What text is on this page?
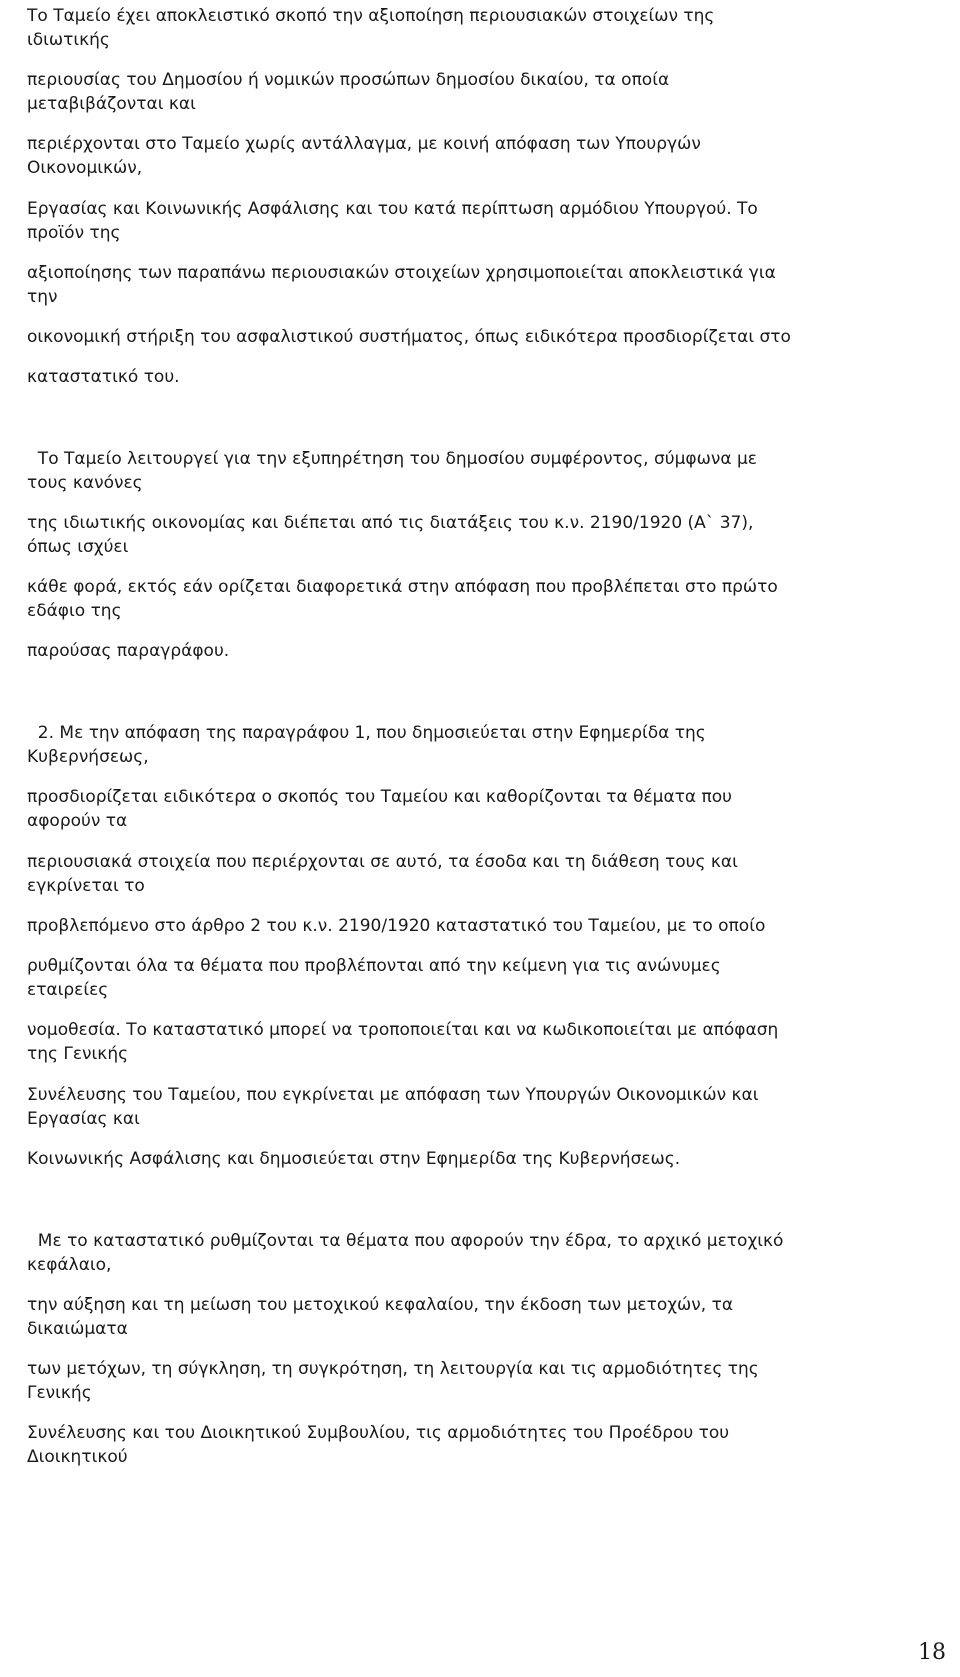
Το Ταμείο έχει αποκλειστικό σκοπό την αξιοποίηση περιουσιακών στοιχείων της
ιδιωτικής
περιουσίας του Δημοσίου ή νομικών προσώπων δημοσίου δικαίου, τα οποία
μεταβιβάζονται και
περιέρχονται στο Ταμείο χωρίς αντάλλαγμα, με κοινή απόφαση των Υπουργών
Οικονομικών,
Εργασίας και Κοινωνικής Ασφάλισης και του κατά περίπτωση αρμόδιου Υπουργού. Το
προϊόν της
αξιοποίησης των παραπάνω περιουσιακών στοιχείων χρησιμοποιείται αποκλειστικά για
την
οικονομική στήριξη του ασφαλιστικού συστήματος, όπως ειδικότερα προσδιορίζεται στο
καταστατικό του.
Το Ταμείο λειτουργεί για την εξυπηρέτηση του δημοσίου συμφέροντος, σύμφωνα με
τους κανόνες
της ιδιωτικής οικονομίας και διέπεται από τις διατάξεις του κ.ν. 2190/1920 (Α` 37),
όπως ισχύει
κάθε φορά, εκτός εάν ορίζεται διαφορετικά στην απόφαση που προβλέπεται στο πρώτο
εδάφιο της
παρούσας παραγράφου.
2. Με την απόφαση της παραγράφου 1, που δημοσιεύεται στην Εφημερίδα της
Κυβερνήσεως,
προσδιορίζεται ειδικότερα ο σκοπός του Ταμείου και καθορίζονται τα θέματα που
αφορούν τα
περιουσιακά στοιχεία που περιέρχονται σε αυτό, τα έσοδα και τη διάθεση τους και
εγκρίνεται το
προβλεπόμενο στο άρθρο 2 του κ.ν. 2190/1920 καταστατικό του Ταμείου, με το οποίο
ρυθμίζονται όλα τα θέματα που προβλέπονται από την κείμενη για τις ανώνυμες
εταιρείες
νομοθεσία. Το καταστατικό μπορεί να τροποποιείται και να κωδικοποιείται με απόφαση
της Γενικής
Συνέλευσης του Ταμείου, που εγκρίνεται με απόφαση των Υπουργών Οικονομικών και
Εργασίας και
Κοινωνικής Ασφάλισης και δημοσιεύεται στην Εφημερίδα της Κυβερνήσεως.
Με το καταστατικό ρυθμίζονται τα θέματα που αφορούν την έδρα, το αρχικό μετοχικό
κεφάλαιο,
την αύξηση και τη μείωση του μετοχικού κεφαλαίου, την έκδοση των μετοχών, τα
δικαιώματα
των μετόχων, τη σύγκληση, τη συγκρότηση, τη λειτουργία και τις αρμοδιότητες της
Γενικής
Συνέλευσης και του Διοικητικού Συμβουλίου, τις αρμοδιότητες του Προέδρου του
Διοικητικού
18
